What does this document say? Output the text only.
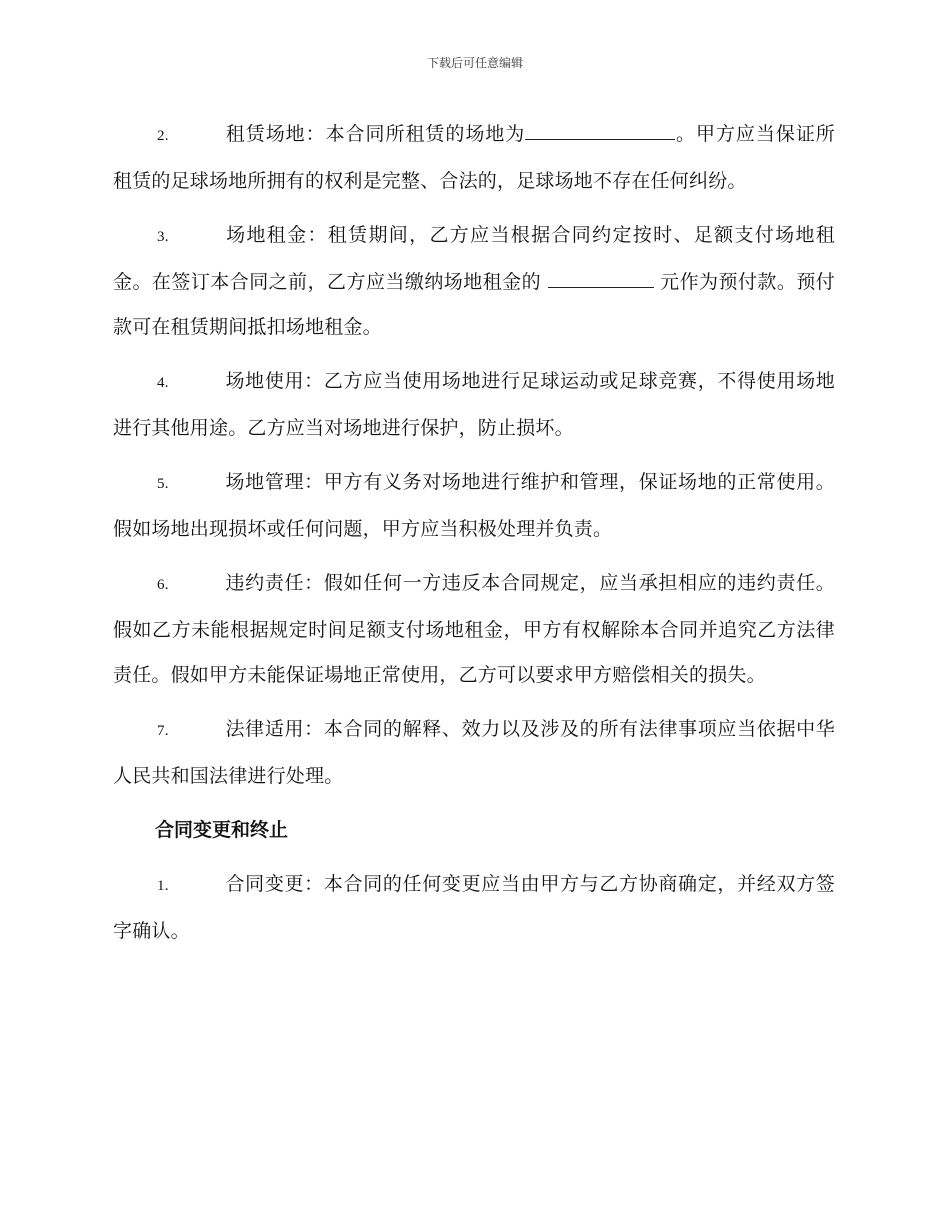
下载后可任意编辑

2.	租赁场地：本合同所租赁的场地为	。甲方应当保证所租赁的足球场地所拥有的权利是完整、合法的，足球场地不存在任何纠纷。

3.	场地租金：租赁期间，乙方应当根据合同约定按时、足额支付场地租金。在签订本合同之前，乙方应当缴纳场地租金的	元作为预付款。预付款可在租赁期间抵扣场地租金。

4.	场地使用：乙方应当使用场地进行足球运动或足球竞赛，不得使用场地进行其他用途。乙方应当对场地进行保护，防止损坏。

5.	场地管理：甲方有义务对场地进行维护和管理，保证场地的正常使用。假如场地出现损坏或任何问题，甲方应当积极处理并负责。

6.	违约责任：假如任何一方违反本合同规定，应当承担相应的违约责任。假如乙方未能根据规定时间足额支付场地租金，甲方有权解除本合同并追究乙方法律责任。假如甲方未能保证場地正常使用，乙方可以要求甲方赔偿相关的损失。

7.	法律适用：本合同的解释、效力以及涉及的所有法律事项应当依据中华人民共和国法律进行处理。

合同变更和终止

1.	合同变更：本合同的任何变更应当由甲方与乙方协商确定，并经双方签字确认。
